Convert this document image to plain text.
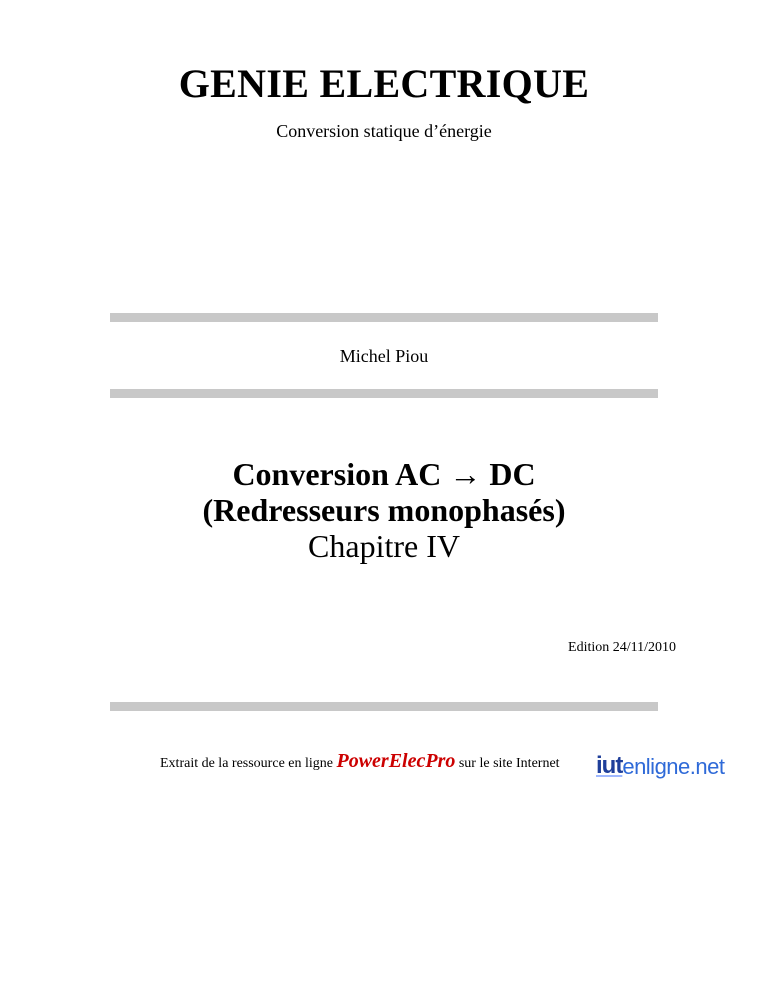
GENIE ELECTRIQUE
Conversion statique d’énergie
Michel Piou
Conversion AC → DC
(Redresseurs monophasés)
Chapitre IV
Edition 24/11/2010
Extrait de la ressource en ligne PowerElecPro sur le site Internet iut enligne.net
